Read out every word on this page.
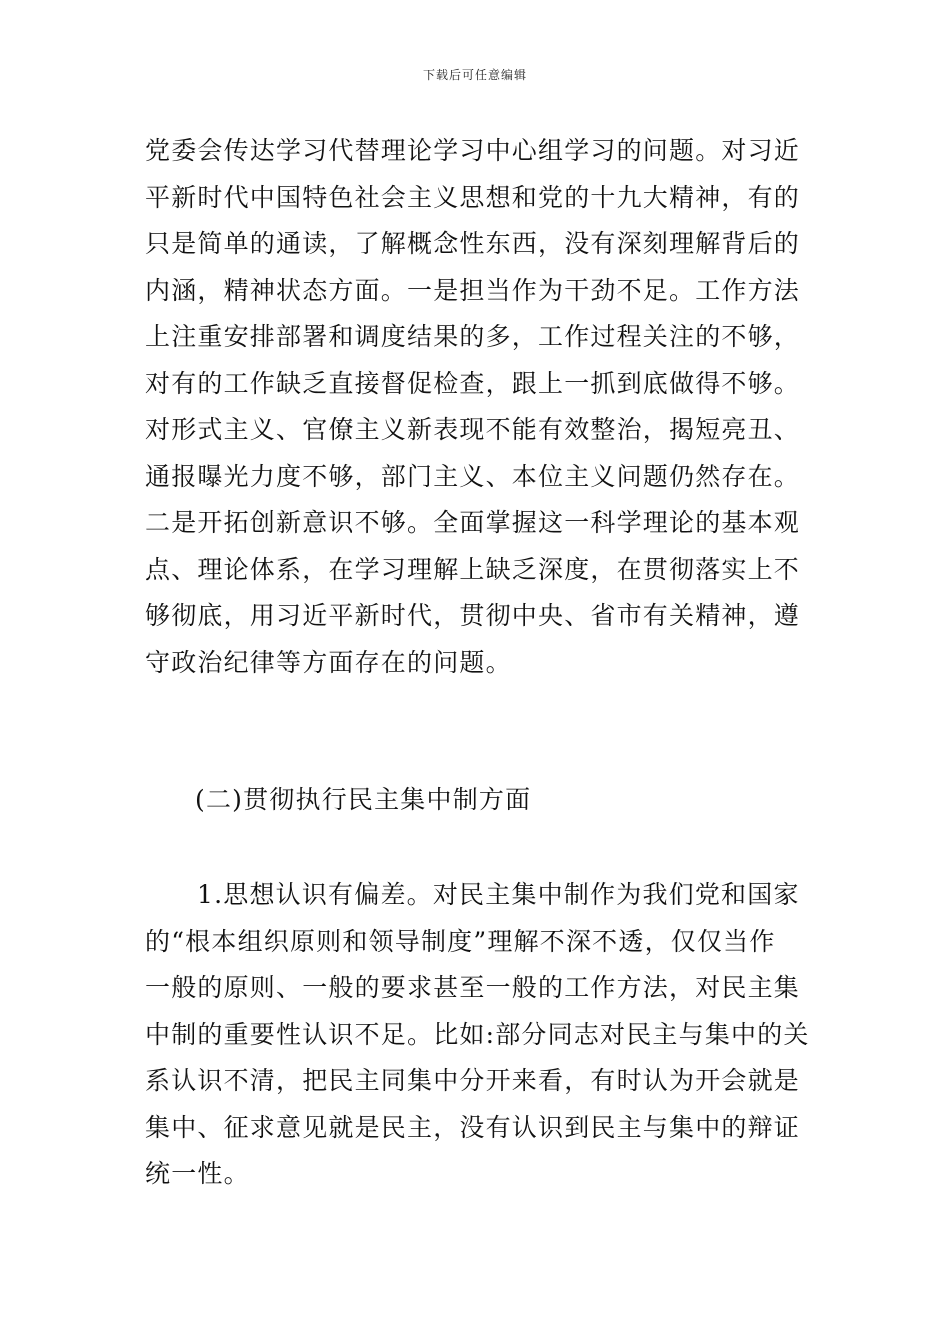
下载后可任意编辑
党委会传达学习代替理论学习中心组学习的问题。对习近
平新时代中国特色社会主义思想和党的十九大精神，有的
只是简单的通读，了解概念性东西，没有深刻理解背后的
内涵，精神状态方面。一是担当作为干劲不足。工作方法
上注重安排部署和调度结果的多，工作过程关注的不够，
对有的工作缺乏直接督促检查，跟上一抓到底做得不够。
对形式主义、官僚主义新表现不能有效整治，揭短亮丑、
通报曝光力度不够，部门主义、本位主义问题仍然存在。
二是开拓创新意识不够。全面掌握这一科学理论的基本观
点、理论体系，在学习理解上缺乏深度，在贯彻落实上不
够彻底，用习近平新时代，贯彻中央、省市有关精神，遵
守政治纪律等方面存在的问题。
(二)贯彻执行民主集中制方面
1.思想认识有偏差。对民主集中制作为我们党和国家
的“根本组织原则和领导制度”理解不深不透，仅仅当作
一般的原则、一般的要求甚至一般的工作方法，对民主集
中制的重要性认识不足。比如:部分同志对民主与集中的关
系认识不清，把民主同集中分开来看，有时认为开会就是
集中、征求意见就是民主，没有认识到民主与集中的辩证
统一性。
